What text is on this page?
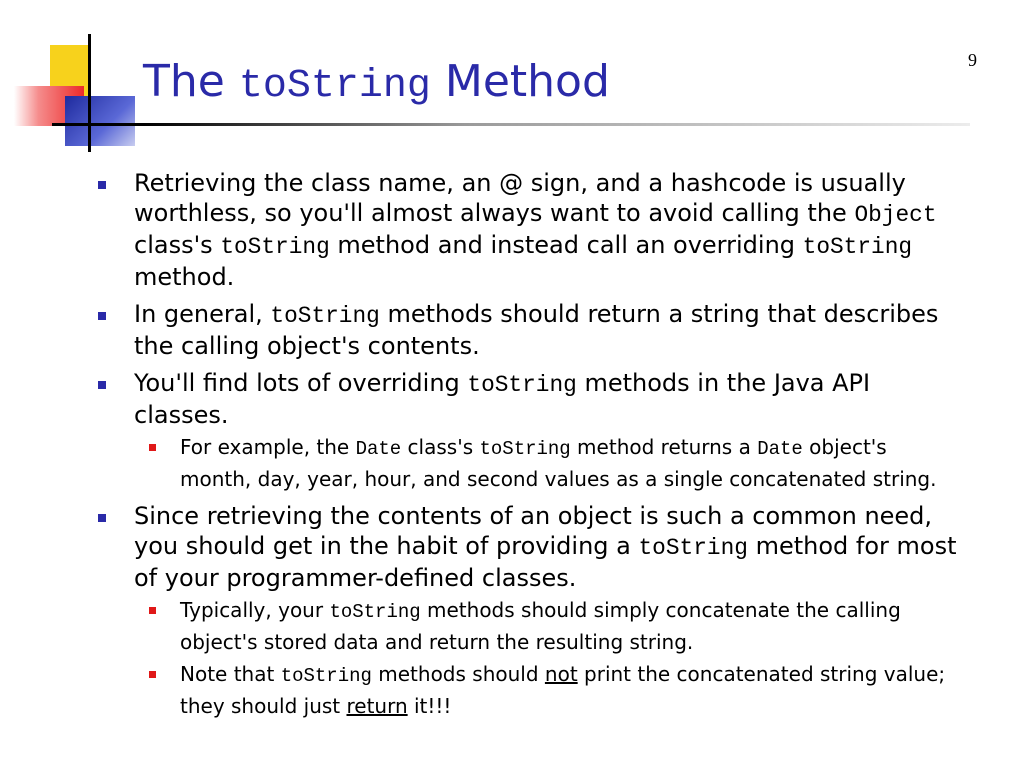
The toString Method	9
Retrieving the class name, an @ sign, and a hashcode is usually worthless, so you'll almost always want to avoid calling the Object class's toString method and instead call an overriding toString method.
In general, toString methods should return a string that describes the calling object's contents.
You'll find lots of overriding toString methods in the Java API classes.
For example, the Date class's toString method returns a Date object's month, day, year, hour, and second values as a single concatenated string.
Since retrieving the contents of an object is such a common need, you should get in the habit of providing a toString method for most of your programmer-defined classes.
Typically, your toString methods should simply concatenate the calling object's stored data and return the resulting string.
Note that toString methods should not print the concatenated string value; they should just return it!!!
